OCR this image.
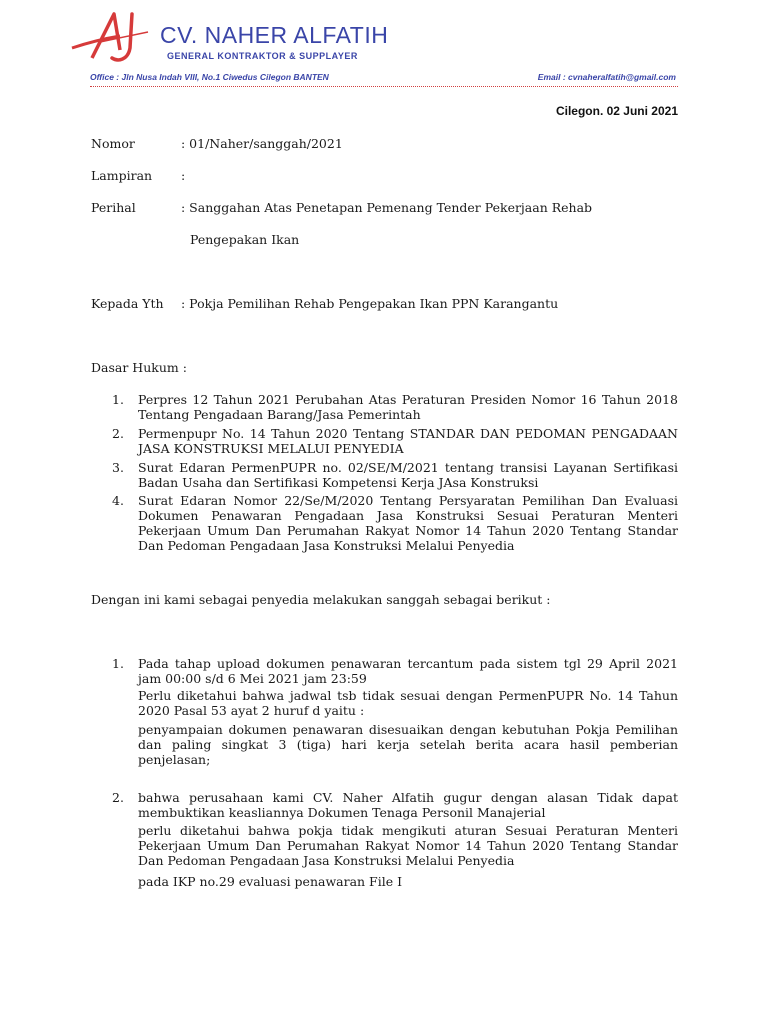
CV. NAHER ALFATIH
GENERAL KONTRAKTOR & SUPPLAYER
Office : Jln Nusa Indah VIII, No.1 Ciwedus Cilegon BANTEN	Email : cvnaheralfatih@gmail.com
Cilegon. 02 Juni 2021
Nomor	: 01/Naher/sanggah/2021
Lampiran :
Perihal	: Sanggahan Atas Penetapan Pemenang Tender Pekerjaan Rehab
Pengepakan Ikan
Kepada Yth : Pokja Pemilihan Rehab Pengepakan Ikan PPN Karangantu
Dasar Hukum :
1. Perpres 12 Tahun 2021 Perubahan Atas Peraturan Presiden Nomor 16 Tahun 2018 Tentang Pengadaan Barang/Jasa Pemerintah
2. Permenpupr No. 14 Tahun 2020 Tentang STANDAR DAN PEDOMAN PENGADAAN JASA KONSTRUKSI MELALUI PENYEDIA
3. Surat Edaran PermenPUPR no. 02/SE/M/2021 tentang transisi Layanan Sertifikasi Badan Usaha dan Sertifikasi Kompetensi Kerja JAsa Konstruksi
4. Surat Edaran Nomor 22/Se/M/2020 Tentang Persyaratan Pemilihan Dan Evaluasi Dokumen Penawaran Pengadaan Jasa Konstruksi Sesuai Peraturan Menteri Pekerjaan Umum Dan Perumahan Rakyat Nomor 14 Tahun 2020 Tentang Standar Dan Pedoman Pengadaan Jasa Konstruksi Melalui Penyedia
Dengan ini kami sebagai penyedia melakukan sanggah sebagai berikut :
1. Pada tahap upload dokumen penawaran tercantum pada sistem tgl 29 April 2021 jam 00:00 s/d 6 Mei 2021 jam 23:59
Perlu diketahui bahwa jadwal tsb tidak sesuai dengan PermenPUPR No. 14 Tahun 2020 Pasal 53 ayat 2 huruf d yaitu :
penyampaian dokumen penawaran disesuaikan dengan kebutuhan Pokja Pemilihan dan paling singkat 3 (tiga) hari kerja setelah berita acara hasil pemberian penjelasan;
2. bahwa perusahaan kami CV. Naher Alfatih gugur dengan alasan Tidak dapat membuktikan keasliannya Dokumen Tenaga Personil Manajerial
perlu diketahui bahwa pokja tidak mengikuti aturan Sesuai Peraturan Menteri Pekerjaan Umum Dan Perumahan Rakyat Nomor 14 Tahun 2020 Tentang Standar Dan Pedoman Pengadaan Jasa Konstruksi Melalui Penyedia
pada IKP no.29 evaluasi penawaran File I
